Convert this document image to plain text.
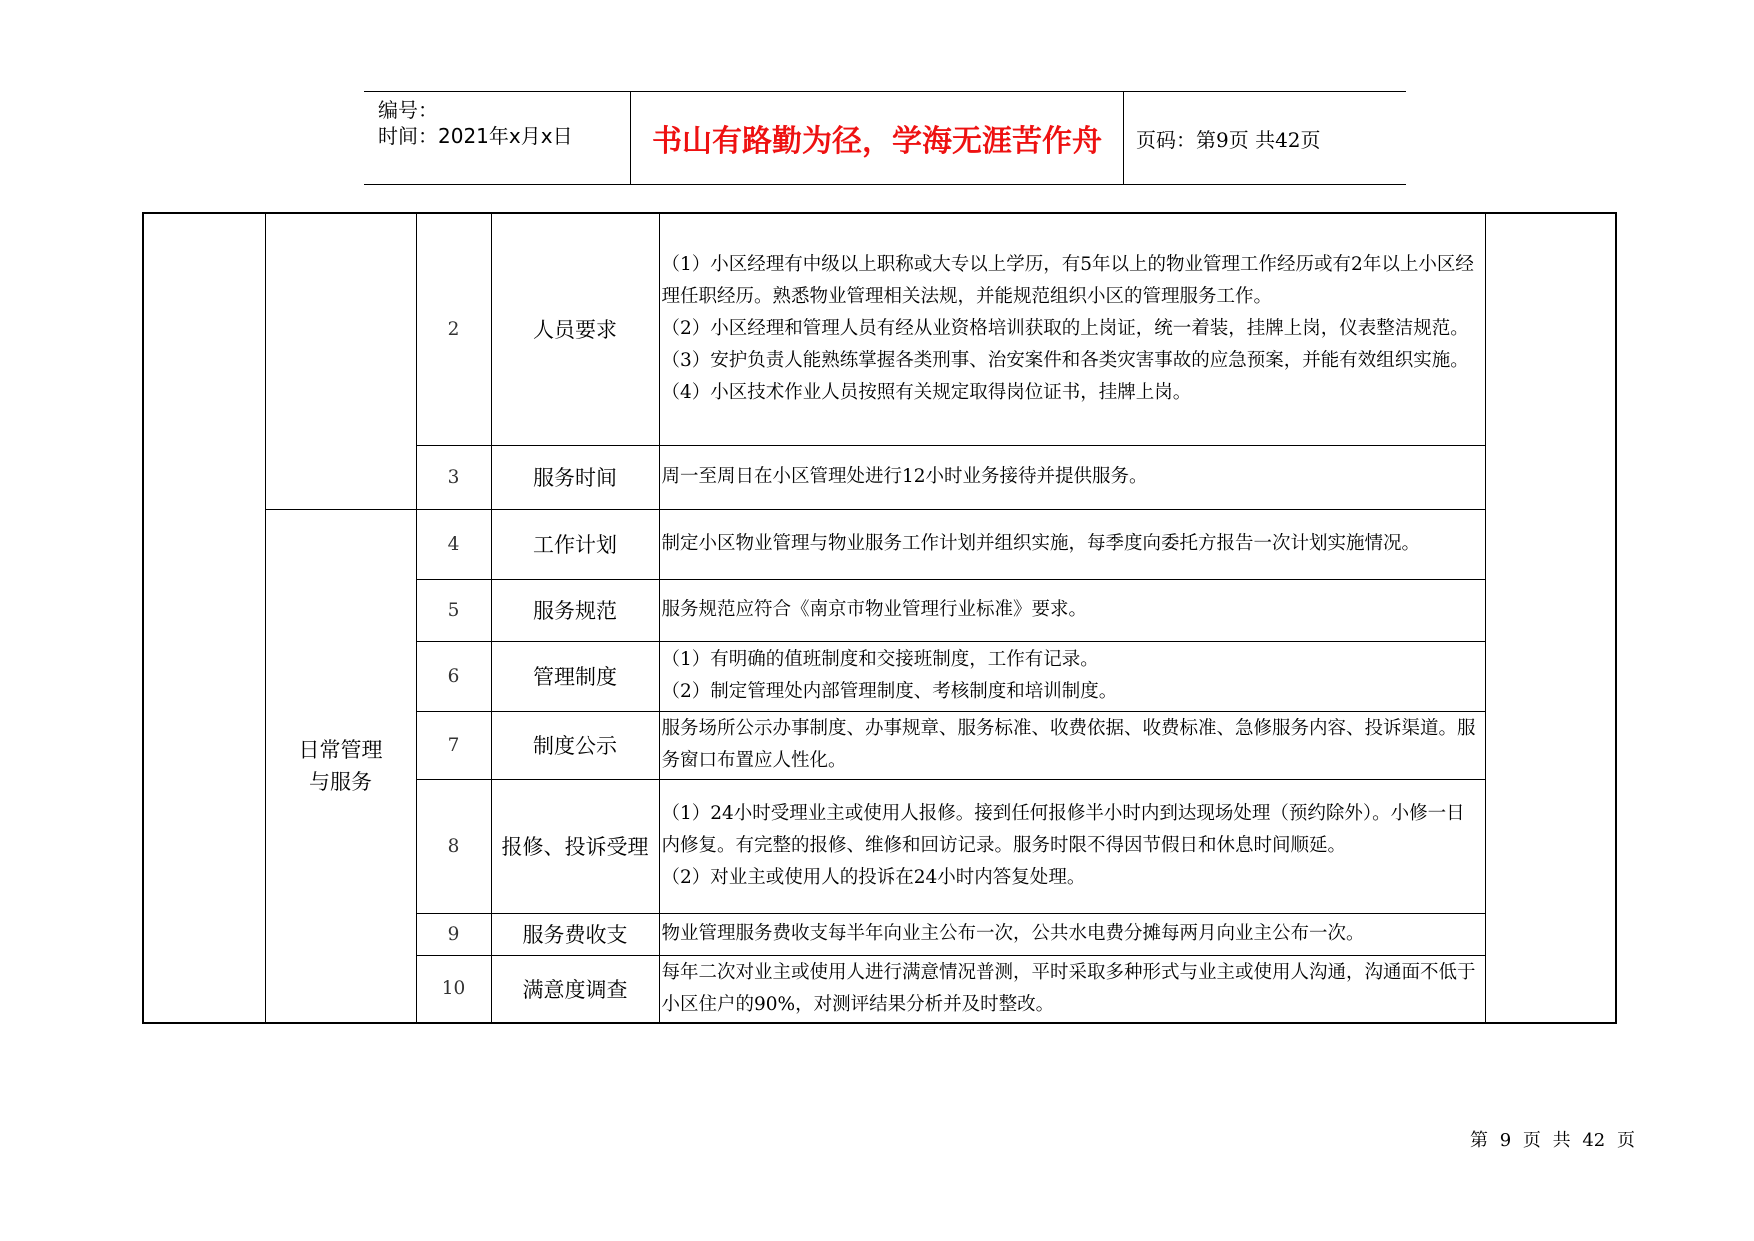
编号：
时间：2021年x月x日	书山有路勤为径，学海无涯苦作舟	页码：第9页 共42页
		2	人员要求	（1）小区经理有中级以上职称或大专以上学历，有5年以上的物业管理工作经历或有2年以上小区经理任职经历。熟悉物业管理相关法规，并能规范组织小区的管理服务工作。
（2）小区经理和管理人员有经从业资格培训获取的上岗证，统一着装，挂牌上岗，仪表整洁规范。
（3）安护负责人能熟练掌握各类刑事、治安案件和各类灾害事故的应急预案，并能有效组织实施。
（4）小区技术作业人员按照有关规定取得岗位证书，挂牌上岗。	

		3	服务时间	周一至周日在小区管理处进行12小时业务接待并提供服务。	

	日常管理与服务	4	工作计划	制定小区物业管理与物业服务工作计划并组织实施，每季度向委托方报告一次计划实施情况。	

		5	服务规范	服务规范应符合《南京市物业管理行业标准》要求。	

		6	管理制度	（1）有明确的值班制度和交接班制度，工作有记录。
（2）制定管理处内部管理制度、考核制度和培训制度。	

		7	制度公示	服务场所公示办事制度、办事规章、服务标准、收费依据、收费标准、急修服务内容、投诉渠道。服务窗口布置应人性化。	

		8	报修、投诉受理	（1）24小时受理业主或使用人报修。接到任何报修半小时内到达现场处理（预约除外）。小修一日内修复。有完整的报修、维修和回访记录。服务时限不得因节假日和休息时间顺延。
（2）对业主或使用人的投诉在24小时内答复处理。	

		9	服务费收支	物业管理服务费收支每半年向业主公布一次，公共水电费分摊每两月向业主公布一次。	

		10	满意度调查	每年二次对业主或使用人进行满意情况普测，平时采取多种形式与业主或使用人沟通，沟通面不低于小区住户的90%，对测评结果分析并及时整改。	
第 9 页 共 42 页
